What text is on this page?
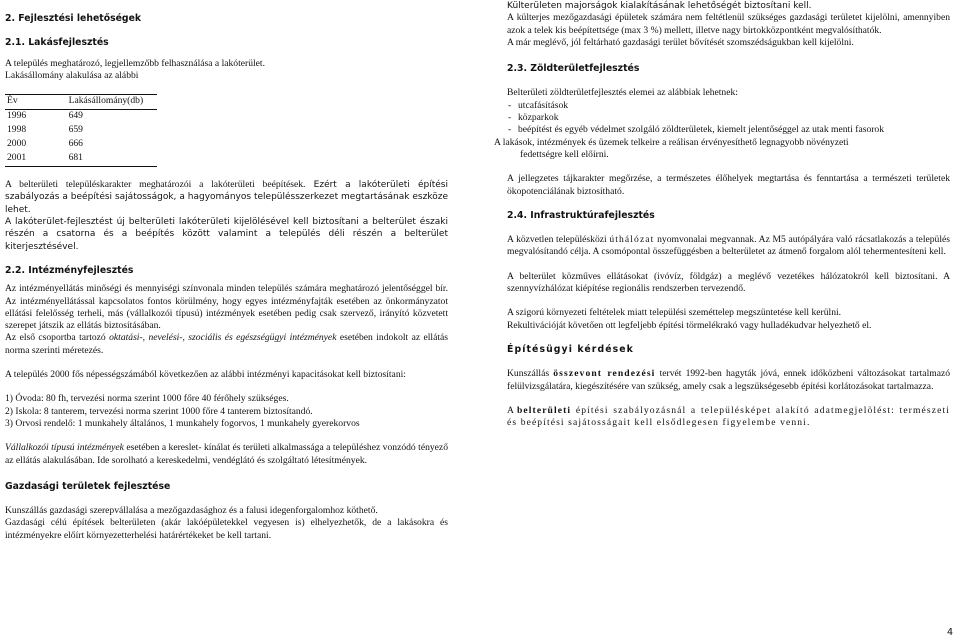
2. Fejlesztési lehetőségek

2.1. Lakásfejlesztés

A település meghatározó, legjellemzőbb felhasználása a lakóterület.

Lakásállomány alakulása az alábbi

Év	Lakásállomány(db)
1996	649
1998	659
2000	666
2001	681

A belterületi településkarakter meghatározói a lakóterületi beépítések. Ezért a lakóterületi építési szabályozás a beépítési sajátosságok, a hagyományos településszerkezet megtartásának eszköze lehet.

A lakóterület-fejlesztést új belterületi lakóterületi kijelölésével kell biztosítani a belterület északi részén a csatorna és a beépítés között valamint a település déli részén a belterület kiterjesztésével.

2.2. Intézményfejlesztés

Az intézményellátás minőségi és mennyiségi színvonala minden település számára meghatározó jelentőséggel bír. Az intézményellátással kapcsolatos fontos körülmény, hogy egyes intézményfajták esetében az önkormányzatot ellátási felelősség terheli, más (vállalkozói típusú) intézmények esetében pedig csak szervező, irányító közvetett szerepet játszik az ellátás biztosításában.

Az első csoportba tartozó oktatási-, nevelési-, szociális és egészségügyi intézmények esetében indokolt az ellátás norma szerinti méretezés.

A település 2000 fős népességszámából következően az alábbi intézményi kapacitásokat kell biztosítani:

1) Óvoda: 80 fh, tervezési norma szerint 1000 főre 40 férőhely szükséges.

2) Iskola: 8 tanterem, tervezési norma szerint 1000 főre 4 tanterem biztosítandó.

3) Orvosi rendelő: 1 munkahely általános, 1 munkahely fogorvos, 1 munkahely gyerekorvos

Vállalkozói típusú intézmények esetében a kereslet- kínálat és területi alkalmassága a településhez vonzódó tényező az ellátás alakulásában. Ide sorolható a kereskedelmi, vendéglátó és szolgáltató létesítmények.

Gazdasági területek fejlesztése

Kunszállás gazdasági szerepvállalása a mezőgazdasághoz és a falusi idegenforgalomhoz köthető.

Gazdasági célú építések belterületen (akár lakóépületekkel vegyesen is) elhelyezhetők, de a lakásokra és intézményekre előírt környezetterhelési határértékeket be kell tartani.

Külterületen majorságok kialakításának lehetőségét biztosítani kell.

A külterjes mezőgazdasági épületek számára nem feltétlenül szükséges gazdasági területet kijelölni, amennyiben azok a telek kis beépítettsége (max 3 %) mellett, illetve nagy birtokközpontként megvalósíthatók.

A már meglévő, jól feltárható gazdasági terület bővítését szomszédságukban kell kijelölni.

2.3. Zöldterületfejlesztés

Belterületi zöldterületfejlesztés elemei az alábbiak lehetnek:

- utcafásítások
- közparkok
- beépítést és egyéb védelmet szolgáló zöldterületek, kiemelt jelentőséggel az utak menti fasorok

A lakások, intézmények és üzemek telkeire a reálisan érvényesíthető legnagyobb növényzeti

fedettségre kell előírni.

A jellegzetes tájkarakter megőrzése, a természetes élőhelyek megtartása és fenntartása a természeti területek ökopotenciálának biztosítható.

2.4. Infrastruktúrafejlesztés

A közvetlen településközi úthálózat nyomvonalai megvannak. Az M5 autópályára való rácsatlakozás a település megvalósítandó célja. A csomópontal összefüggésben a belterületet az átmenő forgalom alól tehermentesíteni kell.

A belterület közműves ellátásokat (ivóvíz, földgáz) a meglévő vezetékes hálózatokról kell biztosítani. A szennyvízhálózat kiépítése regionális rendszerben tervezendő.

A szigorú környezeti feltételek miatt települési szeméttelep megszüntetése kell kerülni.

Rekultivációját követően ott legfeljebb építési törmelékrakó vagy hulladékudvar helyezhető el.

Építésügyi kérdések

Kunszállás összevont rendezési tervét 1992-ben hagyták jóvá, ennek időközbeni változásokat tartalmazó felülvizsgálatára, kiegészítésére van szükség, amely csak a legszükségesebb építési korlátozásokat tartalmazza.

A belterületi építési szabályozásnál a településképet alakító adatmegjelölést: természeti és beépítési sajátosságait kell elsődlegesen figyelembe venni.

4
